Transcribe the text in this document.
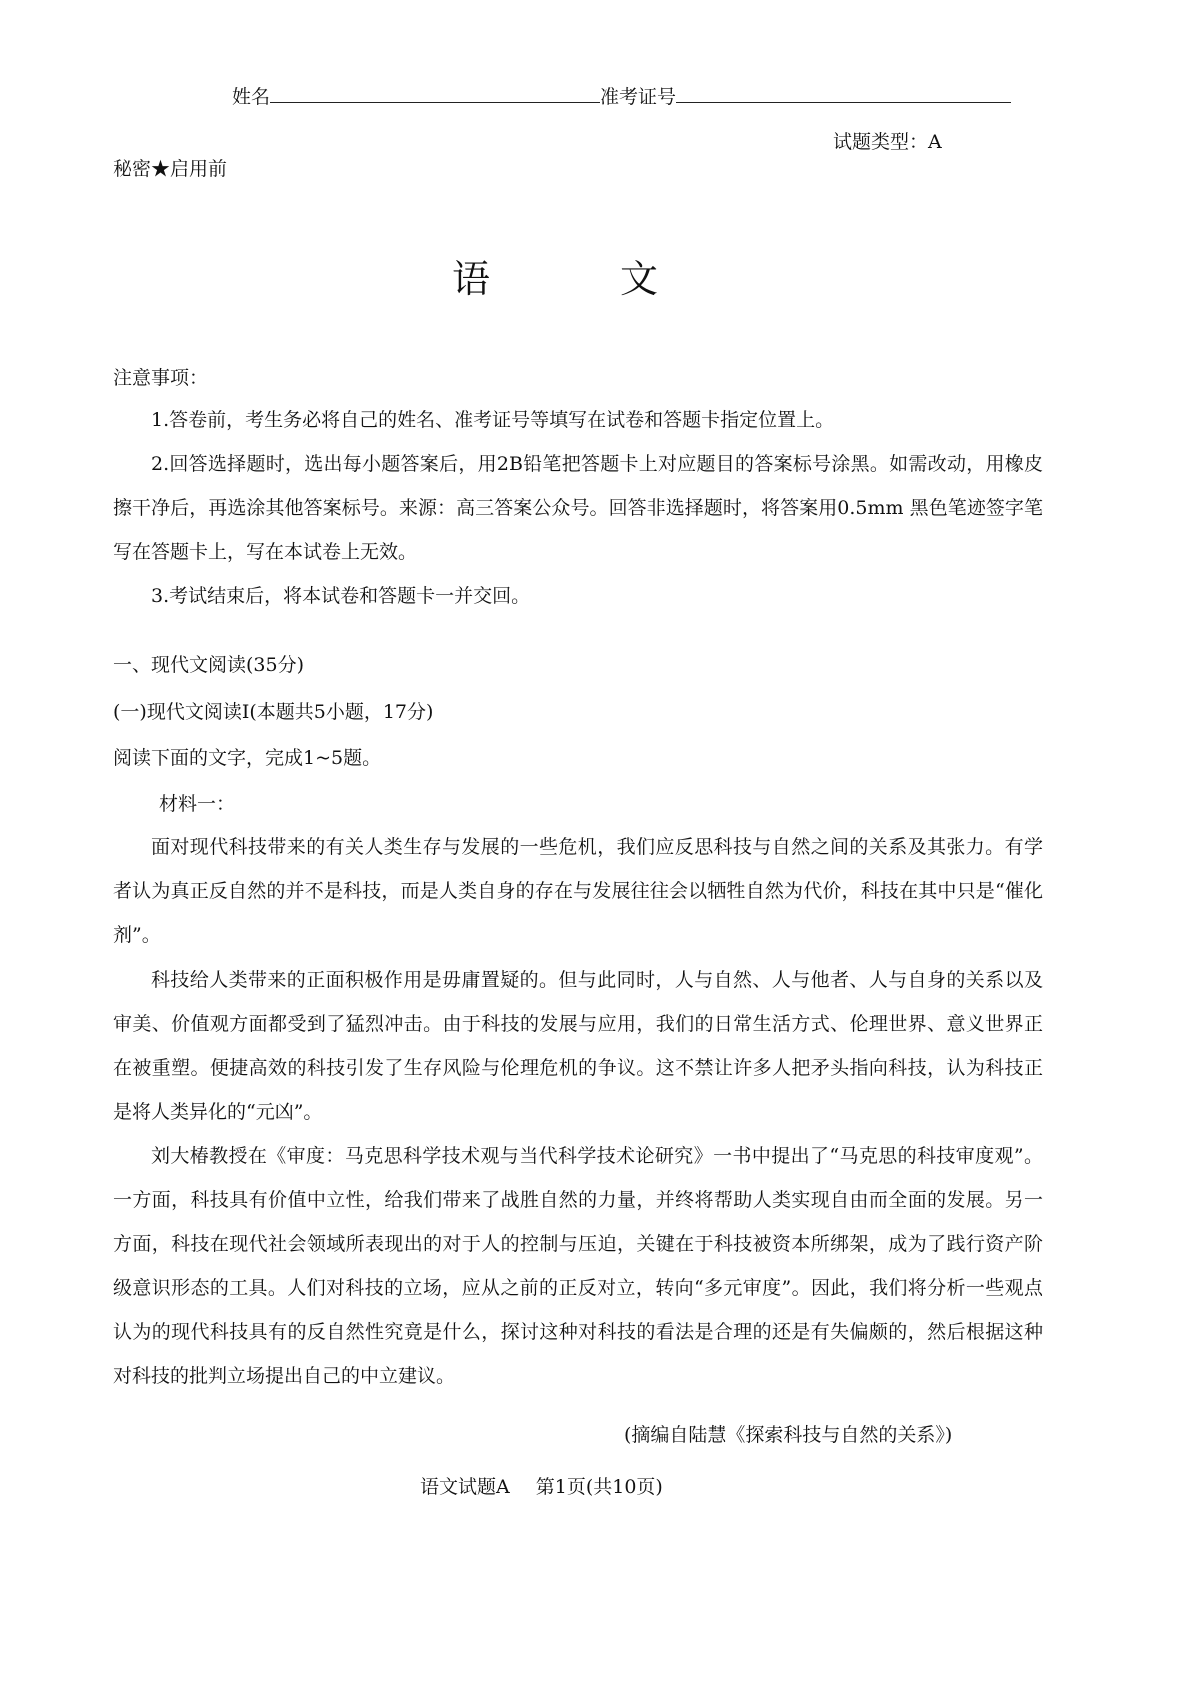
姓名	准考证号
试题类型：A
秘密★启用前
语	文
注意事项：
1.答卷前，考生务必将自己的姓名、准考证号等填写在试卷和答题卡指定位置上。
2.回答选择题时，选出每小题答案后，用2B铅笔把答题卡上对应题目的答案标号涂黑。如需改动，用橡皮擦干净后，再选涂其他答案标号。来源：高三答案公众号。回答非选择题时，将答案用0.5mm 黑色笔迹签字笔写在答题卡上，写在本试卷上无效。
3.考试结束后，将本试卷和答题卡一并交回。
一、现代文阅读(35分)
(一)现代文阅读Ⅰ(本题共5小题，17分)
阅读下面的文字，完成1~5题。
材料一：
面对现代科技带来的有关人类生存与发展的一些危机，我们应反思科技与自然之间的关系及其张力。有学者认为真正反自然的并不是科技，而是人类自身的存在与发展往往会以牺牲自然为代价，科技在其中只是“催化剂”。
科技给人类带来的正面积极作用是毋庸置疑的。但与此同时，人与自然、人与他者、人与自身的关系以及审美、价值观方面都受到了猛烈冲击。由于科技的发展与应用，我们的日常生活方式、伦理世界、意义世界正在被重塑。便捷高效的科技引发了生存风险与伦理危机的争议。这不禁让许多人把矛头指向科技，认为科技正是将人类异化的“元凶”。
刘大椿教授在《审度：马克思科学技术观与当代科学技术论研究》一书中提出了“马克思的科技审度观”。一方面，科技具有价值中立性，给我们带来了战胜自然的力量，并终将帮助人类实现自由而全面的发展。另一方面，科技在现代社会领域所表现出的对于人的控制与压迫，关键在于科技被资本所绑架，成为了践行资产阶级意识形态的工具。人们对科技的立场，应从之前的正反对立，转向“多元审度”。因此，我们将分析一些观点认为的现代科技具有的反自然性究竟是什么，探讨这种对科技的看法是合理的还是有失偏颇的，然后根据这种对科技的批判立场提出自己的中立建议。
(摘编自陆慧《探索科技与自然的关系》)
语文试题A 第1页(共10页)
